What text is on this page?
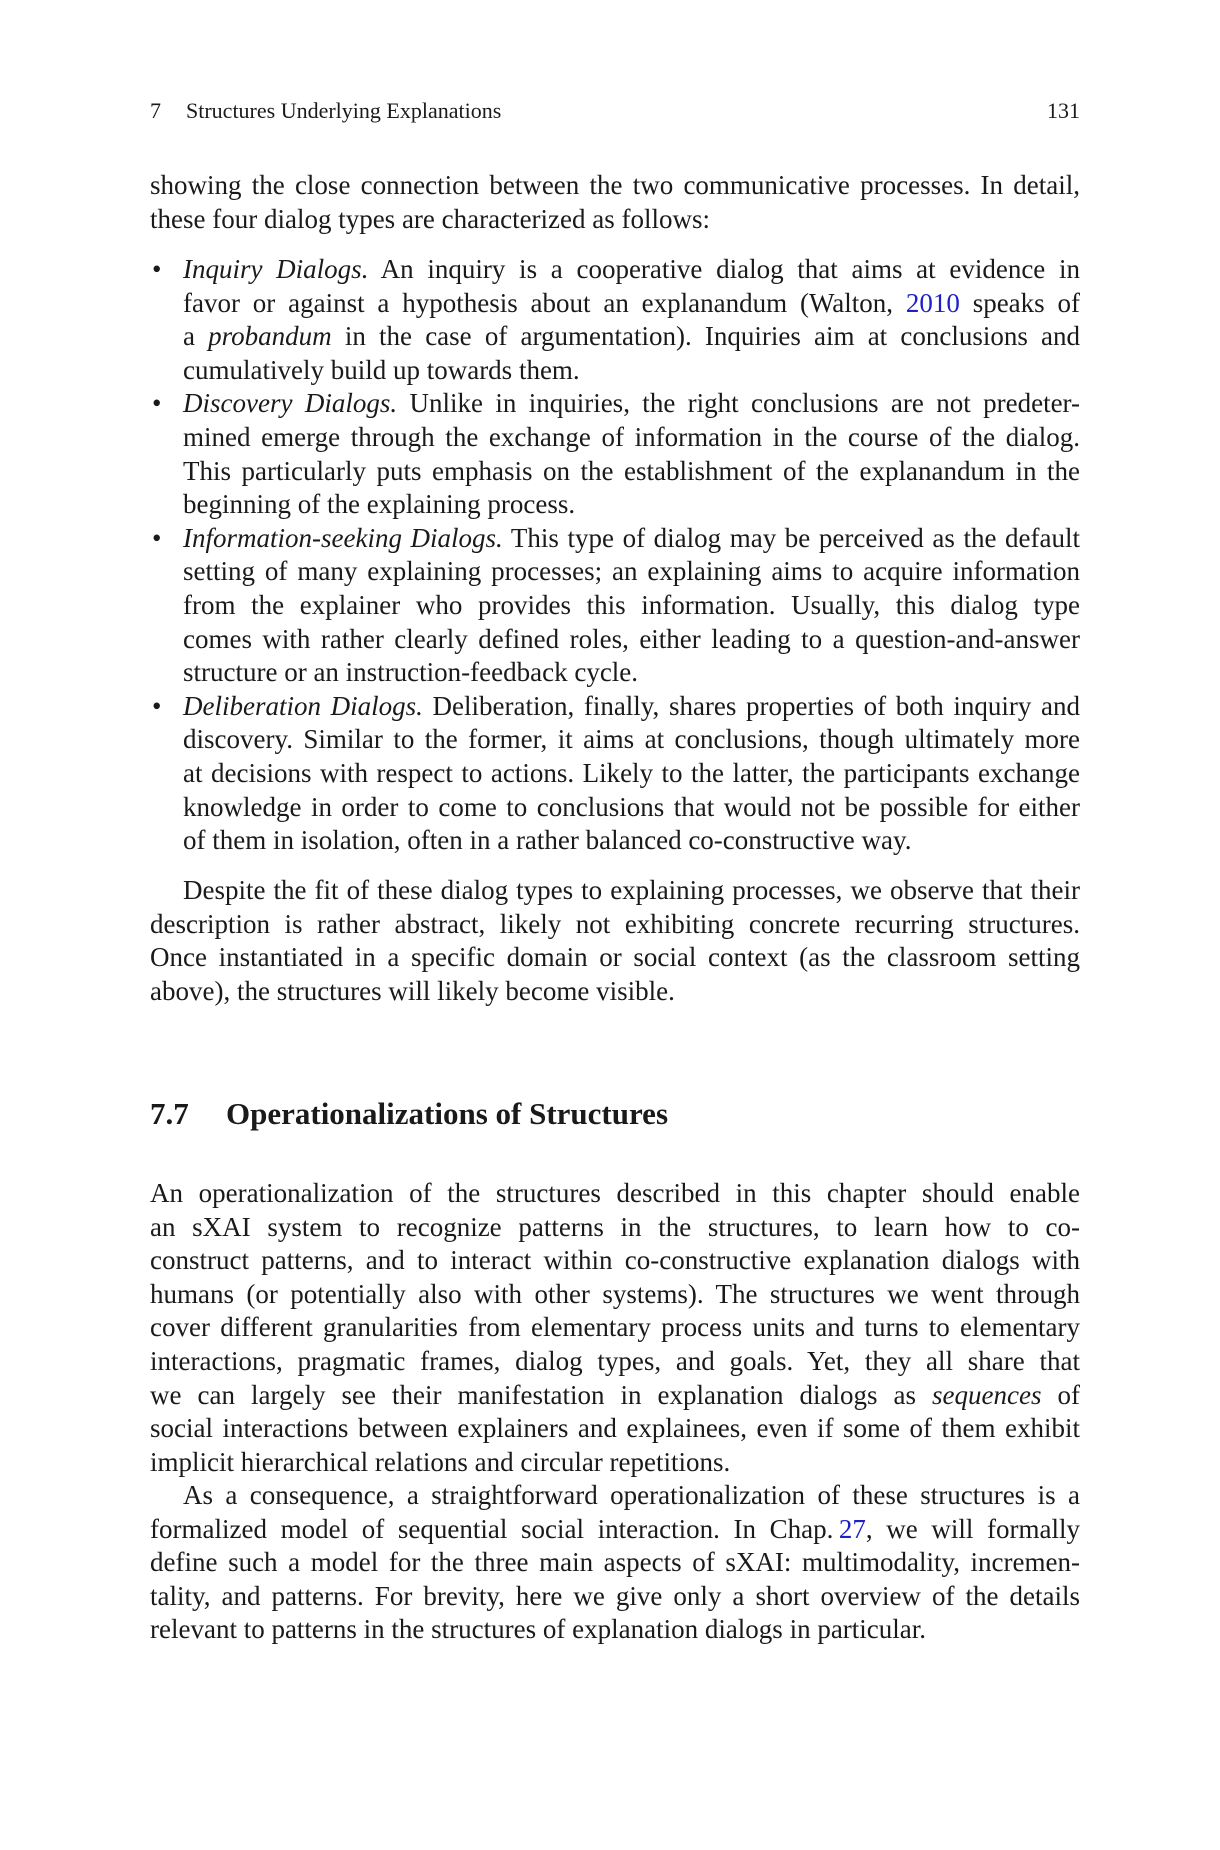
7 Structures Underlying Explanations	131
showing the close connection between the two communicative processes. In detail,
these four dialog types are characterized as follows:
• Inquiry Dialogs. An inquiry is a cooperative dialog that aims at evidence in
favor or against a hypothesis about an explanandum (Walton, 2010 speaks of
a probandum in the case of argumentation). Inquiries aim at conclusions and
cumulatively build up towards them.
• Discovery Dialogs. Unlike in inquiries, the right conclusions are not predeter-
mined emerge through the exchange of information in the course of the dialog.
This particularly puts emphasis on the establishment of the explanandum in the
beginning of the explaining process.
• Information-seeking Dialogs. This type of dialog may be perceived as the default
setting of many explaining processes; an explaining aims to acquire information
from the explainer who provides this information. Usually, this dialog type
comes with rather clearly defined roles, either leading to a question-and-answer
structure or an instruction-feedback cycle.
• Deliberation Dialogs. Deliberation, finally, shares properties of both inquiry and
discovery. Similar to the former, it aims at conclusions, though ultimately more
at decisions with respect to actions. Likely to the latter, the participants exchange
knowledge in order to come to conclusions that would not be possible for either
of them in isolation, often in a rather balanced co-constructive way.
Despite the fit of these dialog types to explaining processes, we observe that their
description is rather abstract, likely not exhibiting concrete recurring structures.
Once instantiated in a specific domain or social context (as the classroom setting
above), the structures will likely become visible.
7.7 Operationalizations of Structures
An operationalization of the structures described in this chapter should enable
an sXAI system to recognize patterns in the structures, to learn how to co-
construct patterns, and to interact within co-constructive explanation dialogs with
humans (or potentially also with other systems). The structures we went through
cover different granularities from elementary process units and turns to elementary
interactions, pragmatic frames, dialog types, and goals. Yet, they all share that
we can largely see their manifestation in explanation dialogs as sequences of
social interactions between explainers and explainees, even if some of them exhibit
implicit hierarchical relations and circular repetitions.
As a consequence, a straightforward operationalization of these structures is a
formalized model of sequential social interaction. In Chap. 27, we will formally
define such a model for the three main aspects of sXAI: multimodality, incremen-
tality, and patterns. For brevity, here we give only a short overview of the details
relevant to patterns in the structures of explanation dialogs in particular.
